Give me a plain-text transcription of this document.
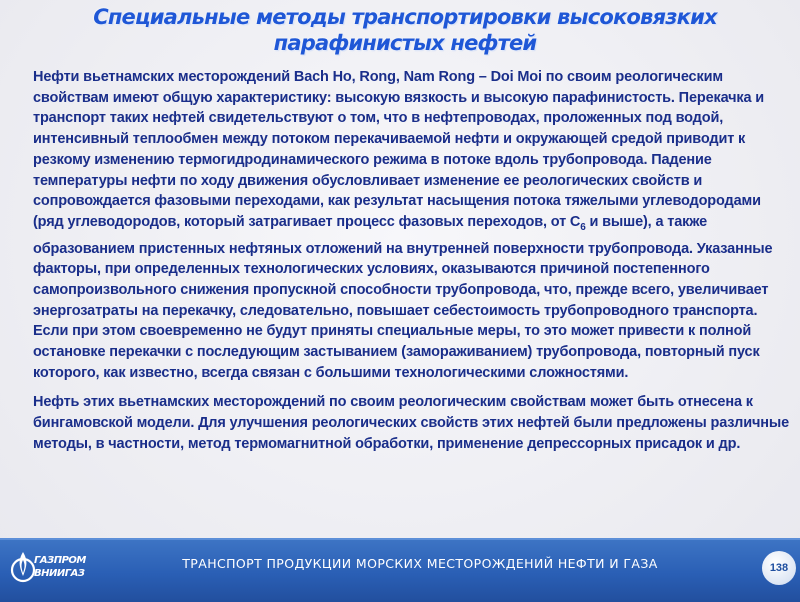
Специальные методы транспортировки высоковязких
парафинистых нефтей

Нефти вьетнамских месторождений Bach Ho, Rong, Nam Rong – Doi Moi по своим реологическим свойствам имеют общую характеристику: высокую вязкость и высокую парафинистость. Перекачка и транспорт таких нефтей свидетельствуют о том, что в нефтепроводах, проложенных под водой, интенсивный теплообмен между потоком перекачиваемой нефти и окружающей средой приводит к резкому изменению термогидродинамического режима в потоке вдоль трубопровода. Падение температуры нефти по ходу движения обусловливает изменение ее реологических свойств и сопровождается фазовыми переходами, как результат насыщения потока тяжелыми углеводородами (ряд углеводородов, который затрагивает процесс фазовых переходов, от $С_6$ и выше), а также образованием пристенных нефтяных отложений на внутренней поверхности трубопровода. Указанные факторы, при определенных технологических условиях, оказываются причиной постепенного самопроизвольного снижения пропускной способности трубопровода, что, прежде всего, увеличивает энергозатраты на перекачку, следовательно, повышает себестоимость трубопроводного транспорта. Если при этом своевременно не будут приняты специальные меры, то это может привести к полной остановке перекачки с последующим застыванием (замораживанием) трубопровода, повторный пуск которого, как известно, всегда связан с большими технологическими сложностями.

Нефть этих вьетнамских месторождений по своим реологическим свойствам может быть отнесена к бингамовской модели. Для улучшения реологических свойств этих нефтей были предложены различные методы, в частности, метод термомагнитной обработки, применение депрессорных присадок и др.

ГАЗПРОМ
ВНИИГАЗ
ТРАНСПОРТ ПРОДУКЦИИ МОРСКИХ МЕСТОРОЖДЕНИЙ НЕФТИ И ГАЗА	138
